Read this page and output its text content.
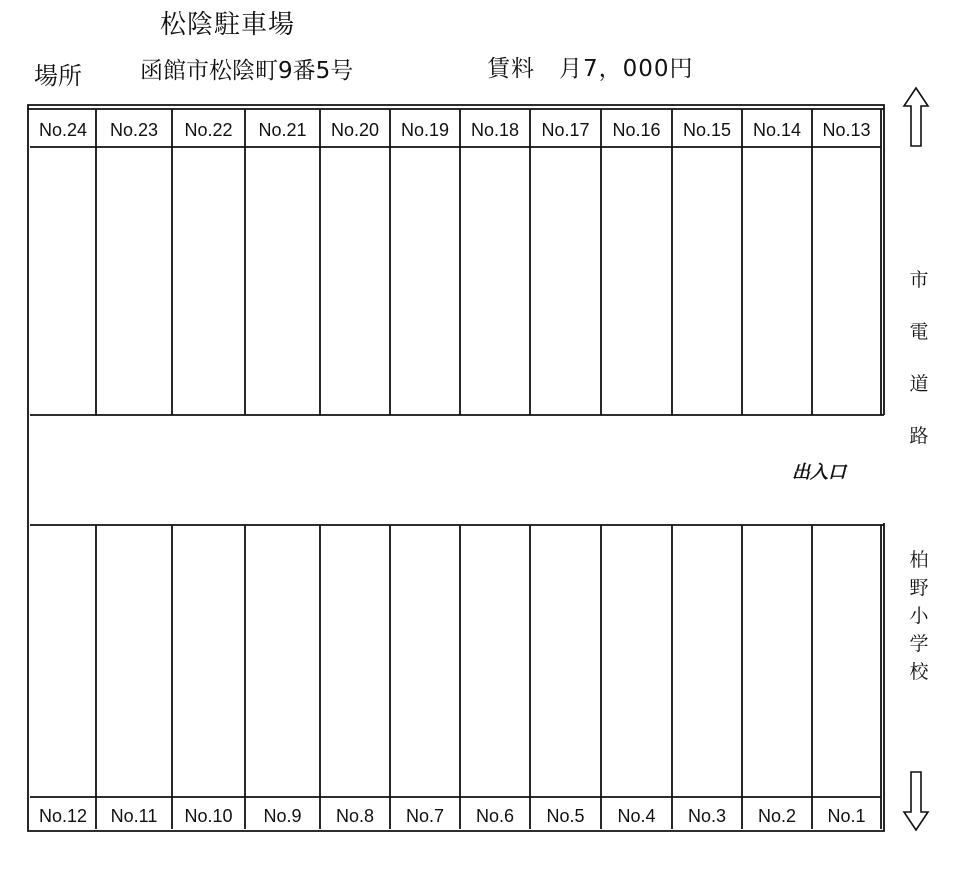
松陰駐車場
場所	函館市松陰町9番5号	賃料　月7，000円
No.24
No.12
No.23
No.11
No.22
No.10
No.21
No.9
No.20
No.8
No.19
No.7
No.18
No.6
No.17
No.5
No.16
No.4
No.15
No.3
No.14
No.2
No.13
No.1
出入口
市
電
道
路
柏
野
小
学
校
